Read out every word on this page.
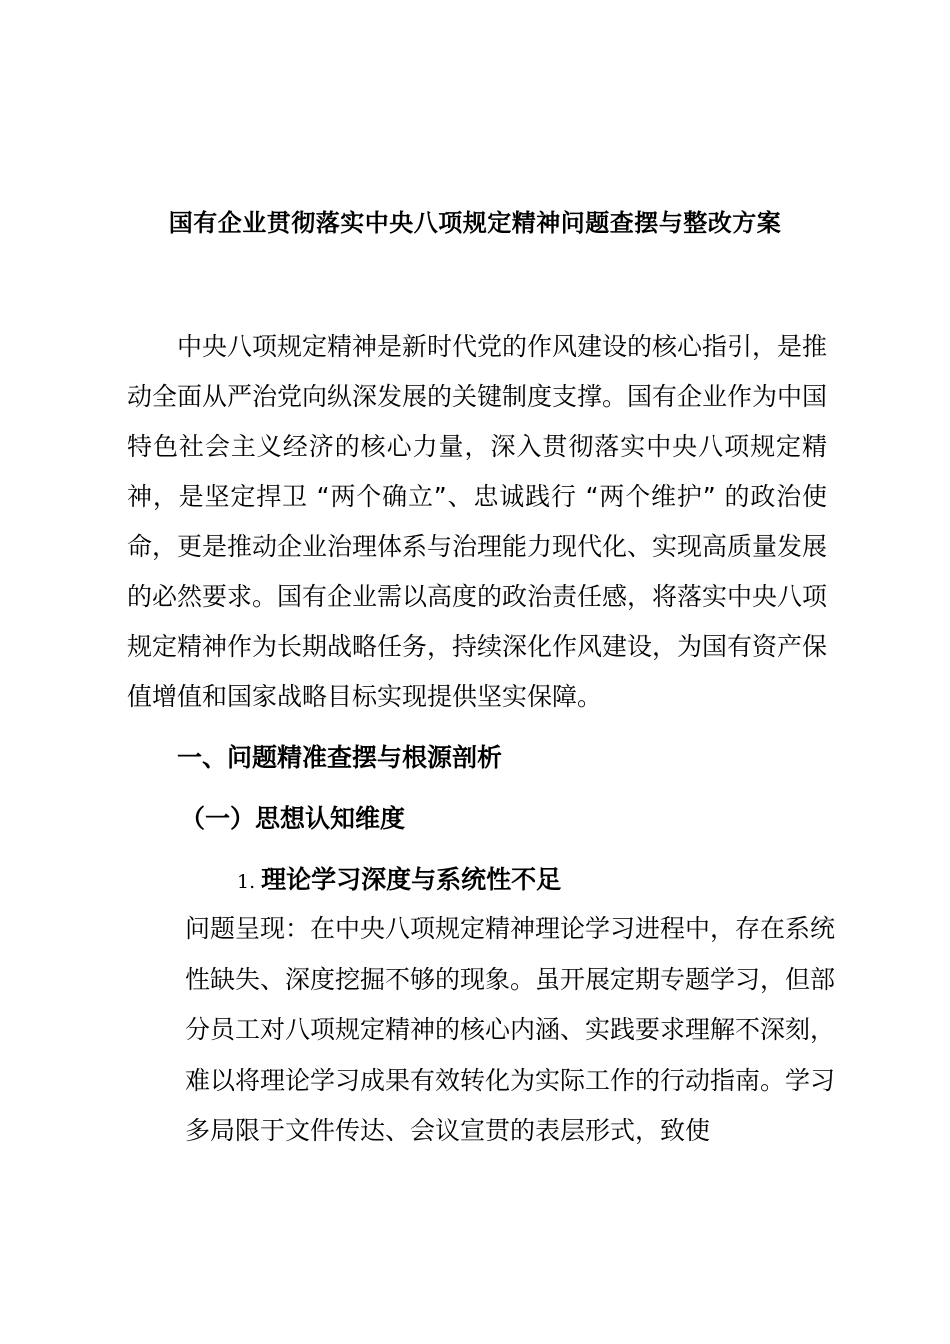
国有企业贯彻落实中央八项规定精神问题查摆与整改方案

中央八项规定精神是新时代党的作风建设的核心指引，是推动全面从严治党向纵深发展的关键制度支撑。国有企业作为中国特色社会主义经济的核心力量，深入贯彻落实中央八项规定精神，是坚定捍卫 “两个确立”、忠诚践行 “两个维护” 的政治使命，更是推动企业治理体系与治理能力现代化、实现高质量发展的必然要求。国有企业需以高度的政治责任感，将落实中央八项规定精神作为长期战略任务，持续深化作风建设，为国有资产保值增值和国家战略目标实现提供坚实保障。

一、问题精准查摆与根源剖析
（一）思想认知维度
1. 理论学习深度与系统性不足

问题呈现：在中央八项规定精神理论学习进程中，存在系统性缺失、深度挖掘不够的现象。虽开展定期专题学习，但部分员工对八项规定精神的核心内涵、实践要求理解不深刻，难以将理论学习成果有效转化为实际工作的行动指南。学习多局限于文件传达、会议宣贯的表层形式，致使
